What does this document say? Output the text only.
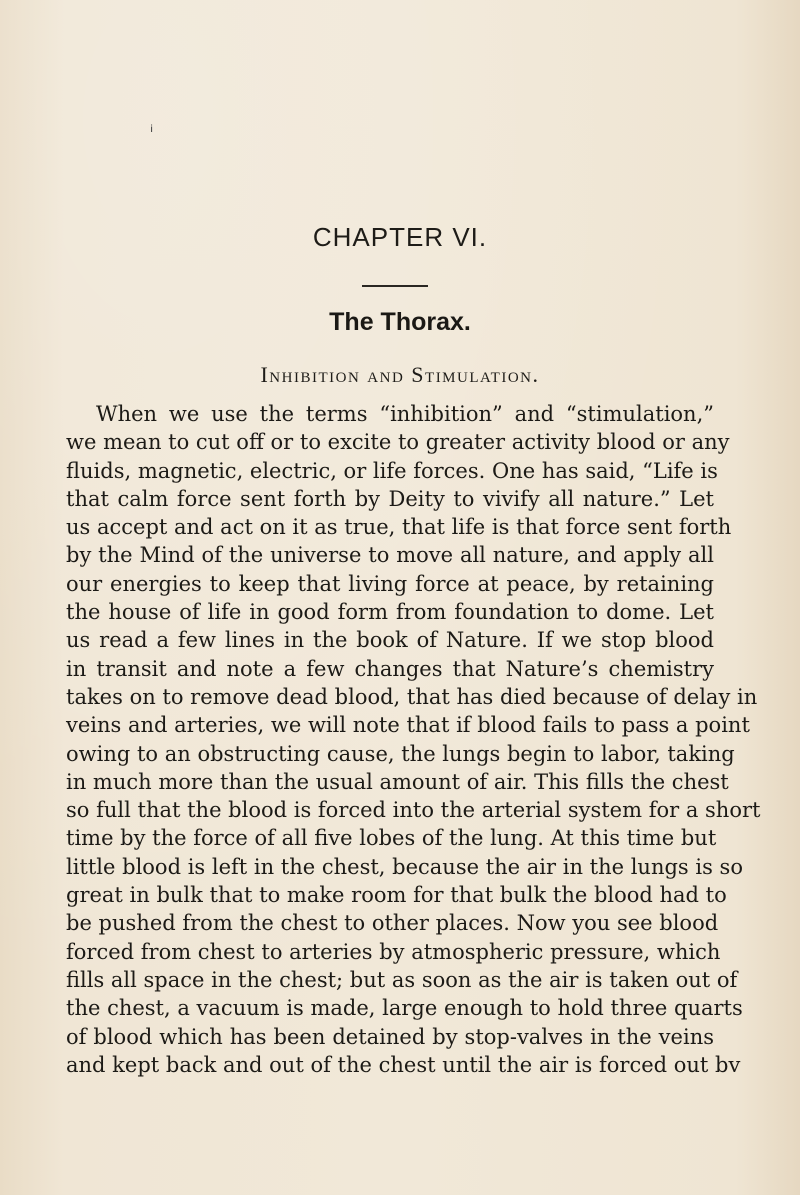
ⁱ
CHAPTER VI.
The Thorax.
Inhibition and Stimulation.
When we use the terms “inhibition” and “stimulation,”
we mean to cut off or to excite to greater activity blood or any
fluids, magnetic, electric, or life forces. One has said, “Life is
that calm force sent forth by Deity to vivify all nature.” Let
us accept and act on it as true, that life is that force sent forth
by the Mind of the universe to move all nature, and apply all
our energies to keep that living force at peace, by retaining
the house of life in good form from foundation to dome. Let
us read a few lines in the book of Nature. If we stop blood
in transit and note a few changes that Nature’s chemistry
takes on to remove dead blood, that has died because of delay in
veins and arteries, we will note that if blood fails to pass a point
owing to an obstructing cause, the lungs begin to labor, taking
in much more than the usual amount of air. This fills the chest
so full that the blood is forced into the arterial system for a short
time by the force of all five lobes of the lung. At this time but
little blood is left in the chest, because the air in the lungs is so
great in bulk that to make room for that bulk the blood had to
be pushed from the chest to other places. Now you see blood
forced from chest to arteries by atmospheric pressure, which
fills all space in the chest; but as soon as the air is taken out of
the chest, a vacuum is made, large enough to hold three quarts
of blood which has been detained by stop-valves in the veins
and kept back and out of the chest until the air is forced out bv
